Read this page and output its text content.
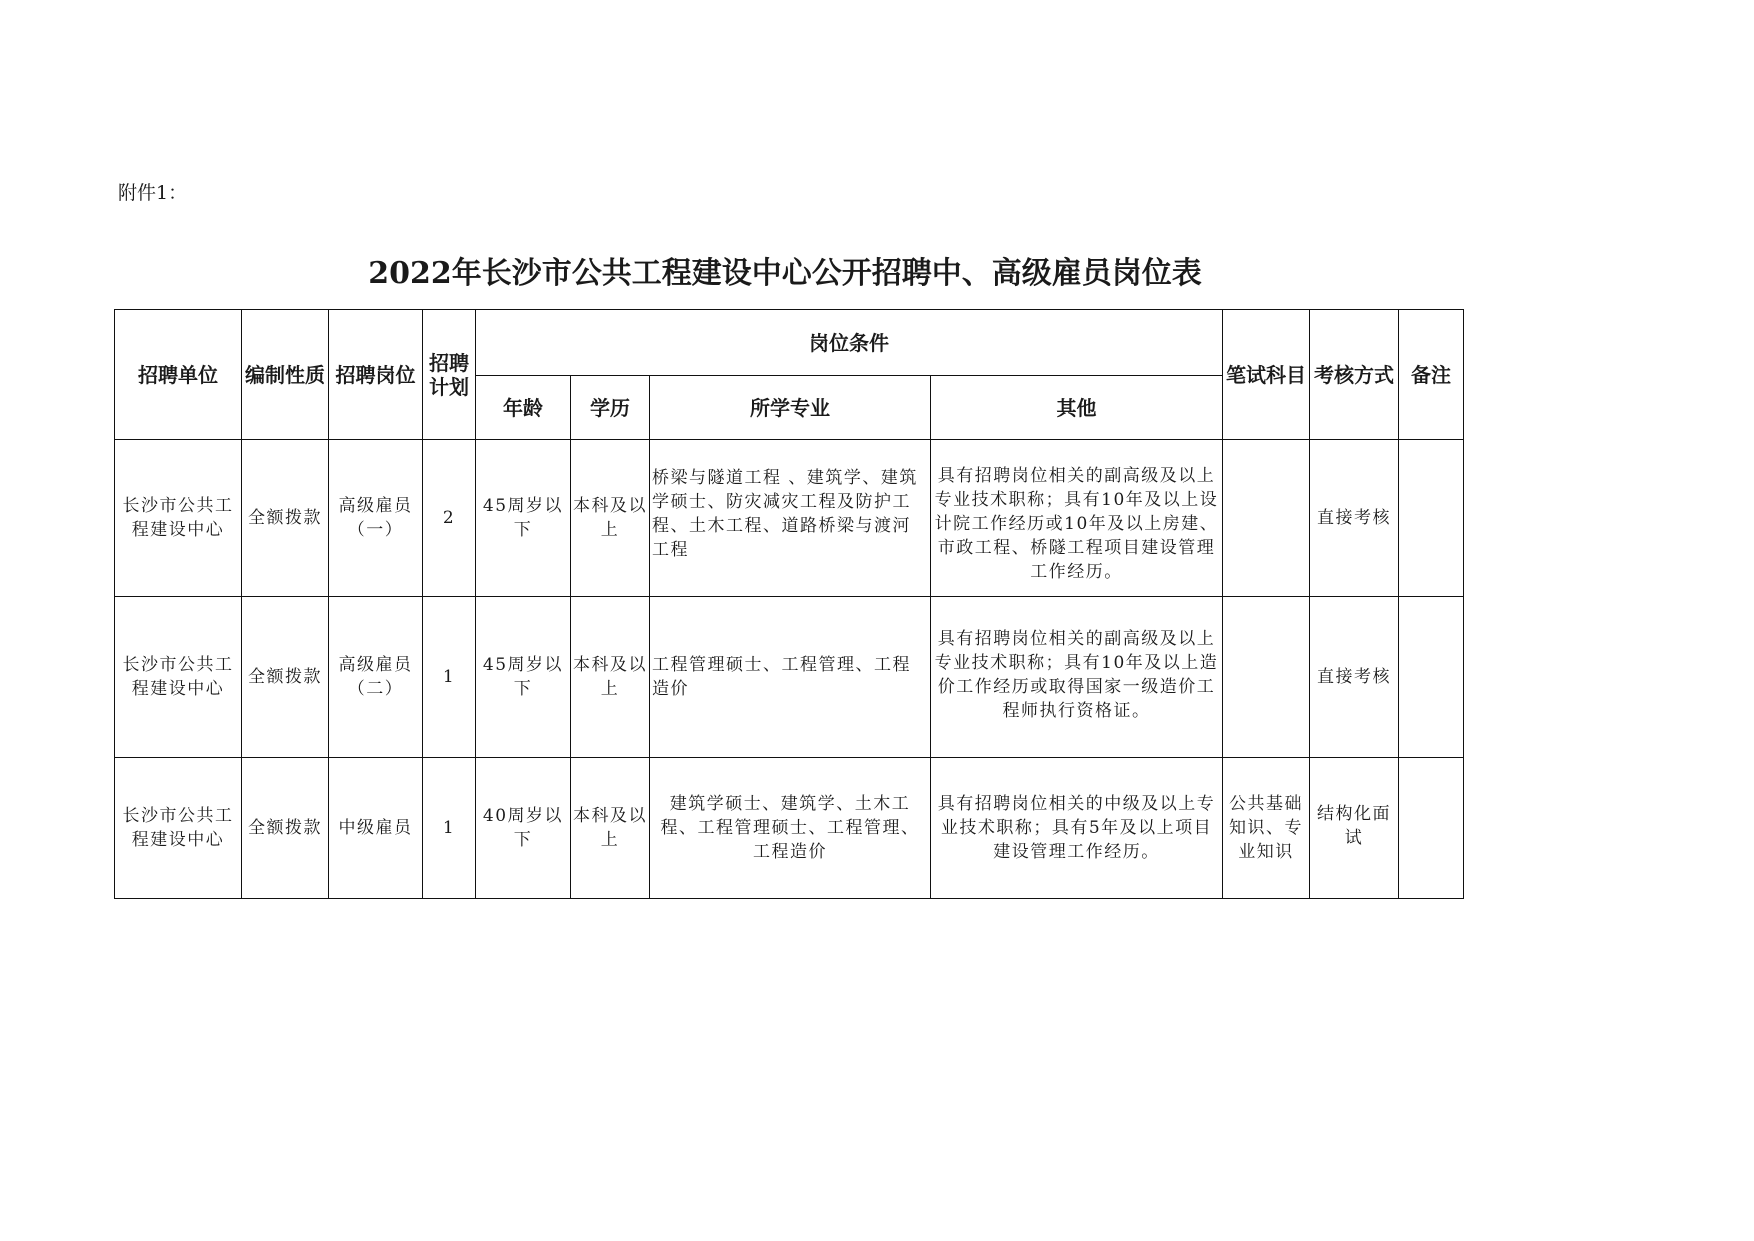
附件1：
2022年长沙市公共工程建设中心公开招聘中、高级雇员岗位表
招聘单位	编制性质	招聘岗位	招聘计划	岗位条件				笔试科目	考核方式	备注
				年龄	学历	所学专业	其他			
长沙市公共工程建设中心	全额拨款	高级雇员（一）	2	45周岁以下	本科及以上	桥梁与隧道工程 、建筑学、建筑学硕士、防灾减灾工程及防护工程、土木工程、道路桥梁与渡河工程	具有招聘岗位相关的副高级及以上专业技术职称；具有10年及以上设计院工作经历或10年及以上房建、市政工程、桥隧工程项目建设管理工作经历。		直接考核	
长沙市公共工程建设中心	全额拨款	高级雇员（二）	1	45周岁以下	本科及以上	工程管理硕士、工程管理、工程造价	具有招聘岗位相关的副高级及以上专业技术职称；具有10年及以上造价工作经历或取得国家一级造价工程师执行资格证。		直接考核	
长沙市公共工程建设中心	全额拨款	中级雇员	1	40周岁以下	本科及以上	建筑学硕士、建筑学、土木工程、工程管理硕士、工程管理、工程造价	具有招聘岗位相关的中级及以上专业技术职称；具有5年及以上项目建设管理工作经历。	公共基础知识、专业知识	结构化面试	
